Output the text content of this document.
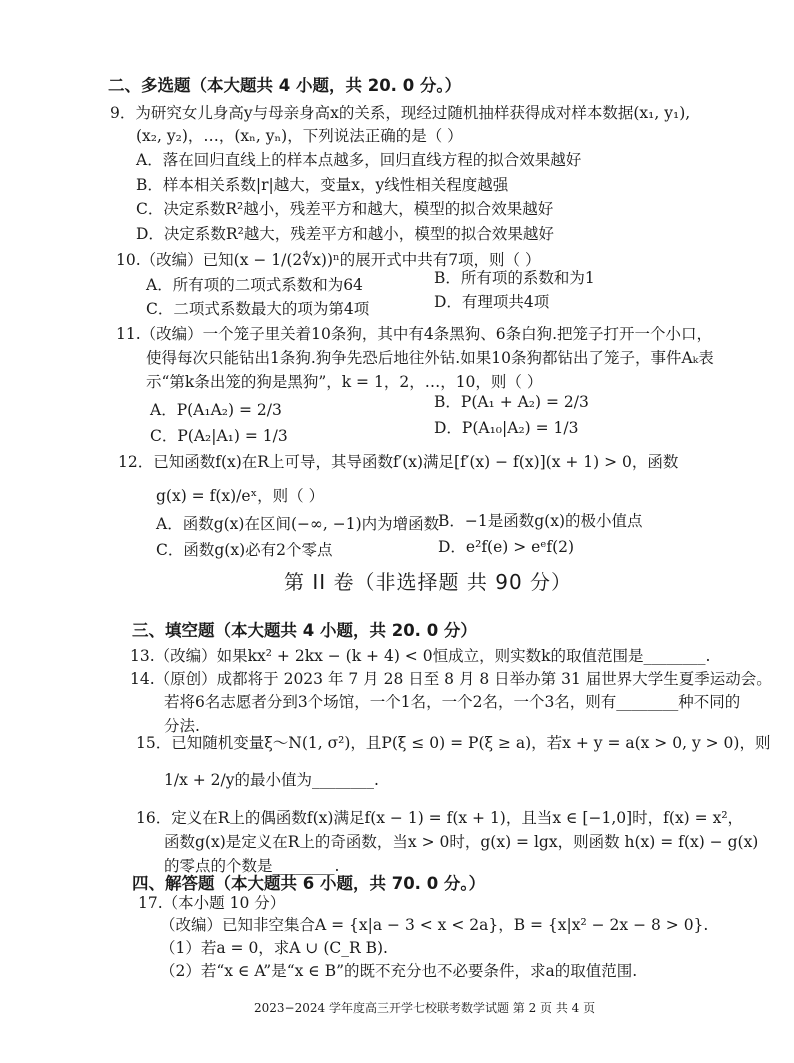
二、多选题（本大题共 4 小题，共 20. 0 分。）
9．为研究女儿身高y与母亲身高x的关系，现经过随机抽样获得成对样本数据(x₁, y₁),
(x₂, y₂)，…，(xₙ, yₙ)，下列说法正确的是（ ）
A．落在回归直线上的样本点越多，回归直线方程的拟合效果越好
B．样本相关系数|r|越大，变量x，y线性相关程度越强
C．决定系数R²越小，残差平方和越大，模型的拟合效果越好
D．决定系数R²越大，残差平方和越小，模型的拟合效果越好
10.（改编）已知(x − 1/(2∜x))ⁿ的展开式中共有7项，则（ ）
A．所有项的二项式系数和为64	B．所有项的系数和为1
C．二项式系数最大的项为第4项	D．有理项共4项
11.（改编）一个笼子里关着10条狗，其中有4条黑狗、6条白狗.把笼子打开一个小口，
使得每次只能钻出1条狗.狗争先恐后地往外钻.如果10条狗都钻出了笼子，事件Aₖ表
示“第k条出笼的狗是黑狗”，k = 1，2，…，10，则（ ）
A．P(A₁A₂) = 2/3	B．P(A₁ + A₂) = 2/3
C．P(A₂|A₁) = 1/3	D．P(A₁₀|A₂) = 1/3
12．已知函数f(x)在R上可导，其导函数f′(x)满足[f′(x) − f(x)](x + 1) > 0，函数
g(x) = f(x)/eˣ，则（ ）
A．函数g(x)在区间(−∞, −1)内为增函数
B．−1是函数g(x)的极小值点
C．函数g(x)必有2个零点	D．e²f(e) > eᵉf(2)
第 II 卷（非选择题 共 90 分）
三、填空题（本大题共 4 小题，共 20. 0 分）
13.（改编）如果kx² + 2kx − (k + 4) < 0恒成立，则实数k的取值范围是________.
14.（原创）成都将于 2023 年 7 月 28 日至 8 月 8 日举办第 31 届世界大学生夏季运动会。
若将6名志愿者分到3个场馆，一个1名，一个2名，一个3名，则有________种不同的
分法.
15．已知随机变量ξ～N(1, σ²)，且P(ξ ≤ 0) = P(ξ ≥ a)，若x + y = a(x > 0, y > 0)，则
1/x + 2/y的最小值为________.
16．定义在R上的偶函数f(x)满足f(x − 1) = f(x + 1)，且当x ∈ [−1,0]时，f(x) = x²，
函数g(x)是定义在R上的奇函数，当x > 0时，g(x) = lgx，则函数 h(x) = f(x) − g(x)
的零点的个数是________.
四、解答题（本大题共 6 小题，共 70. 0 分。）
17.（本小题 10 分）
（改编）已知非空集合A = {x|a − 3 < x < 2a}，B = {x|x² − 2x − 8 > 0}.
（1）若a = 0，求A ∪ (C_R B).
（2）若“x ∈ A”是“x ∈ B”的既不充分也不必要条件，求a的取值范围.
2023−2024 学年度高三开学七校联考数学试题 第 2 页 共 4 页
